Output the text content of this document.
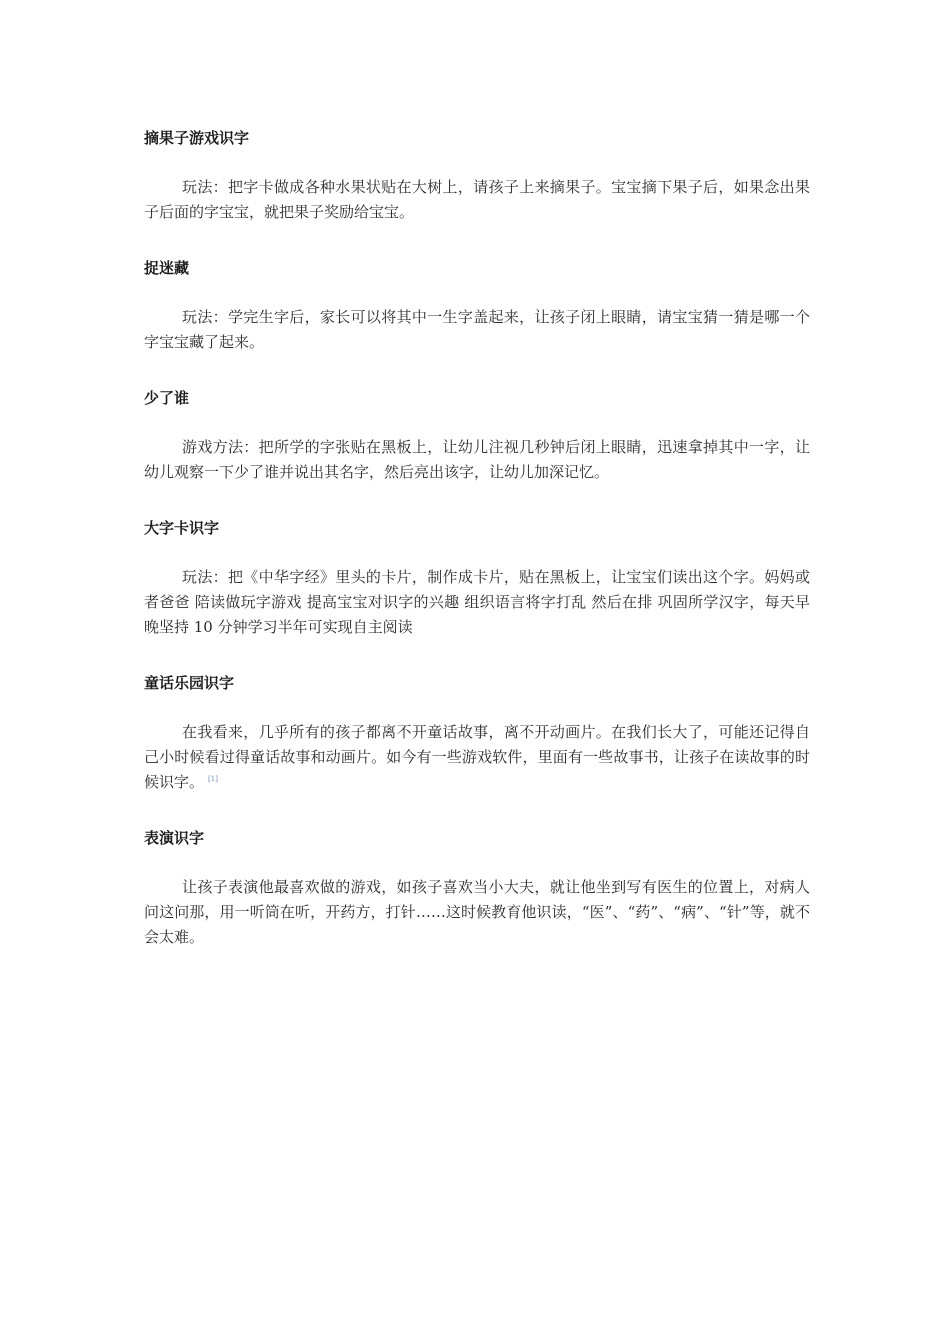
摘果子游戏识字

玩法：把字卡做成各种水果状贴在大树上，请孩子上来摘果子。宝宝摘下果子后，如果念出果子后面的字宝宝，就把果子奖励给宝宝。

捉迷藏

玩法：学完生字后，家长可以将其中一生字盖起来，让孩子闭上眼睛，请宝宝猜一猜是哪一个字宝宝藏了起来。

少了谁

游戏方法：把所学的字张贴在黑板上，让幼儿注视几秒钟后闭上眼睛，迅速拿掉其中一字，让幼儿观察一下少了谁并说出其名字，然后亮出该字，让幼儿加深记忆。

大字卡识字

玩法：把《中华字经》里头的卡片，制作成卡片，贴在黑板上，让宝宝们读出这个字。妈妈或者爸爸 陪读做玩字游戏 提高宝宝对识字的兴趣 组织语言将字打乱 然后在排 巩固所学汉字，每天早晚坚持 10 分钟学习半年可实现自主阅读

童话乐园识字

在我看来，几乎所有的孩子都离不开童话故事，离不开动画片。在我们长大了，可能还记得自己小时候看过得童话故事和动画片。如今有一些游戏软件，里面有一些故事书，让孩子在读故事的时候识字。 [1]

表演识字

让孩子表演他最喜欢做的游戏，如孩子喜欢当小大夫，就让他坐到写有医生的位置上，对病人问这问那，用一听筒在听，开药方，打针……这时候教育他识读，“医”、“药”、“病”、“针”等，就不会太难。
